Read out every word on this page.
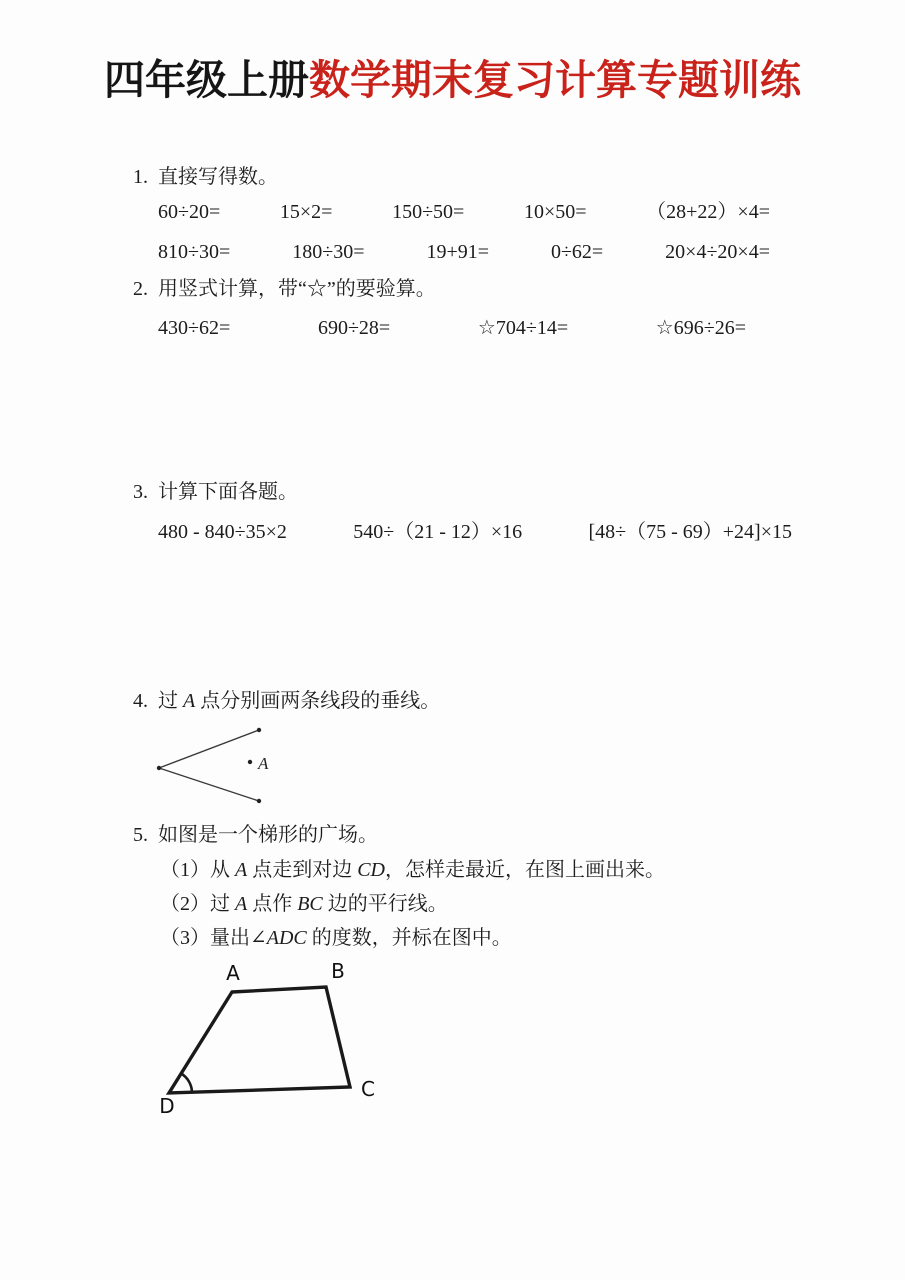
四年级上册数学期末复习计算专题训练
1. 直接写得数。
60÷20=	15×2=	150÷50=	10×50=	（28+22）×4=
810÷30=	180÷30=	19+91=	0÷62=	20×4÷20×4=
2. 用竖式计算，带“☆”的要验算。
430÷62=	690÷28=	☆704÷14=	☆696÷26=
3. 计算下面各题。
480 - 840÷35×2	540÷（21 - 12）×16	[48÷（75 - 69）+24]×15
4. 过 A 点分别画两条线段的垂线。
A
5. 如图是一个梯形的广场。
（1）从 A 点走到对边 CD，怎样走最近，在图上画出来。
（2）过 A 点作 BC 边的平行线。
（3）量出∠ADC 的度数，并标在图中。
A	B
C
D
